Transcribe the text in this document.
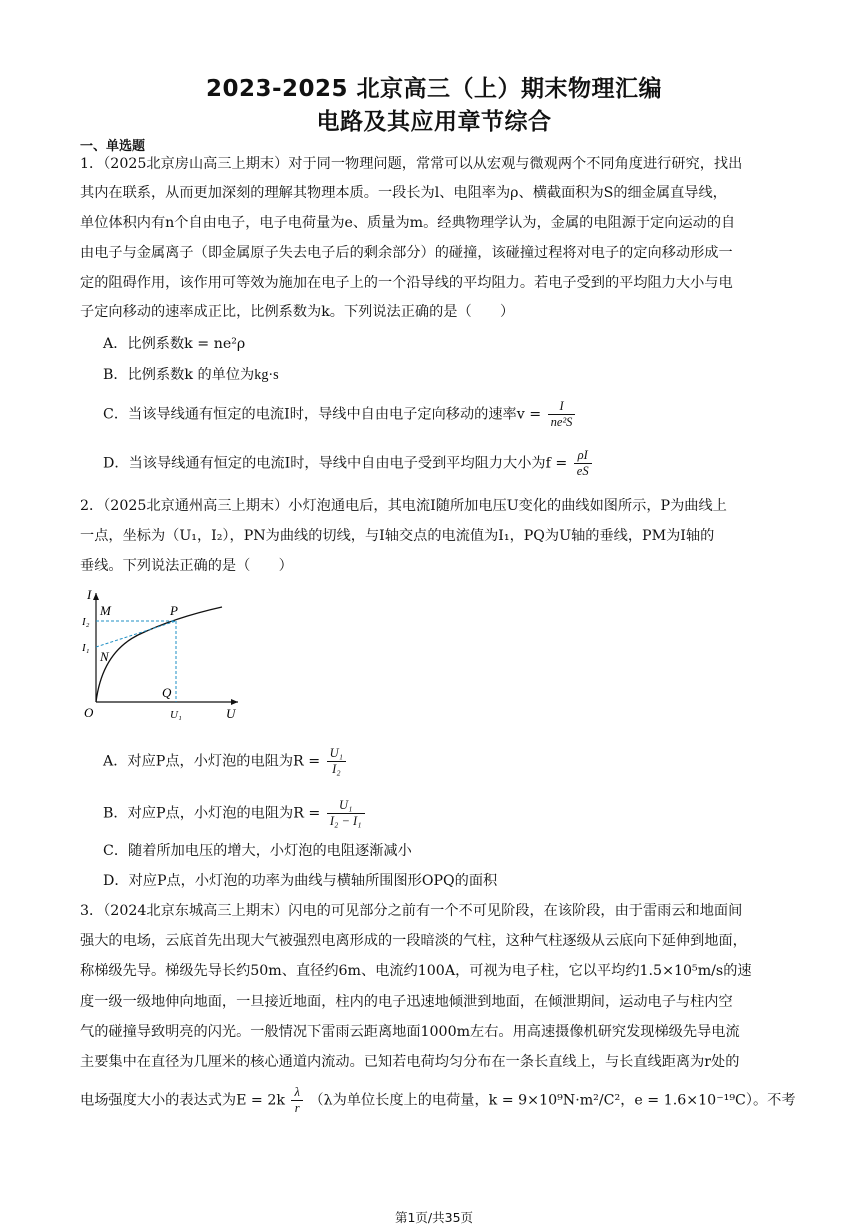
2023-2025 北京高三（上）期末物理汇编
电路及其应用章节综合
一、单选题
1．（2025北京房山高三上期末）对于同一物理问题，常常可以从宏观与微观两个不同角度进行研究，找出
其内在联系，从而更加深刻的理解其物理本质。一段长为l、电阻率为ρ、横截面积为S的细金属直导线，
单位体积内有n个自由电子，电子电荷量为e、质量为m。经典物理学认为，金属的电阻源于定向运动的自
由电子与金属离子（即金属原子失去电子后的剩余部分）的碰撞，该碰撞过程将对电子的定向移动形成一
定的阻碍作用，该作用可等效为施加在电子上的一个沿导线的平均阻力。若电子受到的平均阻力大小与电
子定向移动的速率成正比，比例系数为k。下列说法正确的是（　　）
A．比例系数k = ne²ρ
B．比例系数k 的单位为kg·s
C．当该导线通有恒定的电流I时，导线中自由电子定向移动的速率$v = \frac{I}{\text{ne²S}}$
D．当该导线通有恒定的电流I时，导线中自由电子受到平均阻力大小为$f = \frac{\rho I}{eS}$
2．（2025北京通州高三上期末）小灯泡通电后，其电流I随所加电压U变化的曲线如图所示，P为曲线上
一点，坐标为（U₁，I₂），PN为曲线的切线，与I轴交点的电流值为I₁，PQ为U轴的垂线，PM为I轴的
垂线。下列说法正确的是（　　）
I
M	P
I₂
I₁
N
Q
O	U₁	U
A．对应P点，小灯泡的电阻为$R = \frac{\text{U₁}}{\text{I₂}}$
B．对应P点，小灯泡的电阻为$R = \frac{\text{U₁}}{\text{I₂ − I₁}}$
C．随着所加电压的增大，小灯泡的电阻逐渐减小
D．对应P点，小灯泡的功率为曲线与横轴所围图形OPQ的面积
3．（2024北京东城高三上期末）闪电的可见部分之前有一个不可见阶段，在该阶段，由于雷雨云和地面间
强大的电场，云底首先出现大气被强烈电离形成的一段暗淡的气柱，这种气柱逐级从云底向下延伸到地面，
称梯级先导。梯级先导长约50m、直径约6m、电流约100A，可视为电子柱，它以平均约1.5×10⁵m/s的速
度一级一级地伸向地面，一旦接近地面，柱内的电子迅速地倾泄到地面，在倾泄期间，运动电子与柱内空
气的碰撞导致明亮的闪光。一般情况下雷雨云距离地面1000m左右。用高速摄像机研究发现梯级先导电流
主要集中在直径为几厘米的核心通道内流动。已知若电荷均匀分布在一条长直线上，与长直线距离为r处的
电场强度大小的表达式为$E = 2k \frac{\lambda}{r} (\lambda$为单位长度上的电荷量，k = 9×10⁹N·m²/C²，e = 1.6×10⁻¹⁹C）。不考
第1页/共35页
